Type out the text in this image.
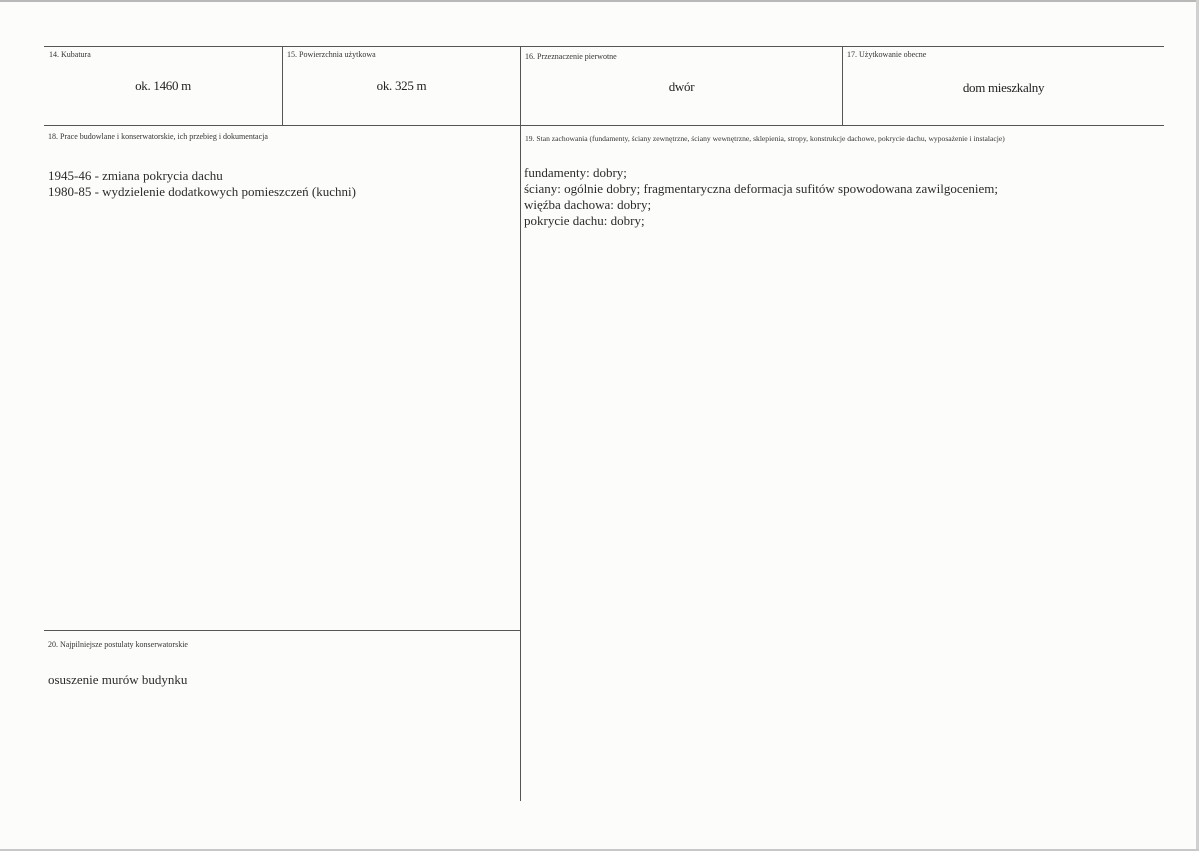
14. Kubatura
ok. 1460 m
15. Powierzchnia użytkowa
ok. 325 m
16. Przeznaczenie pierwotne
dwór
17. Użytkowanie obecne
dom mieszkalny
18. Prace budowlane i konserwatorskie, ich przebieg i dokumentacja
1945-46 - zmiana pokrycia dachu
1980-85 - wydzielenie dodatkowych pomieszczeń (kuchni)
19. Stan zachowania (fundamenty, ściany zewnętrzne, ściany wewnętrzne, sklepienia, stropy, konstrukcje dachowe, pokrycie dachu, wyposażenie i instalacje)
fundamenty: dobry;
ściany: ogólnie dobry; fragmentaryczna deformacja sufitów spowodowana zawilgoceniem;
więźba dachowa: dobry;
pokrycie dachu: dobry;
20. Najpilniejsze postulaty konserwatorskie
osuszenie murów budynku
